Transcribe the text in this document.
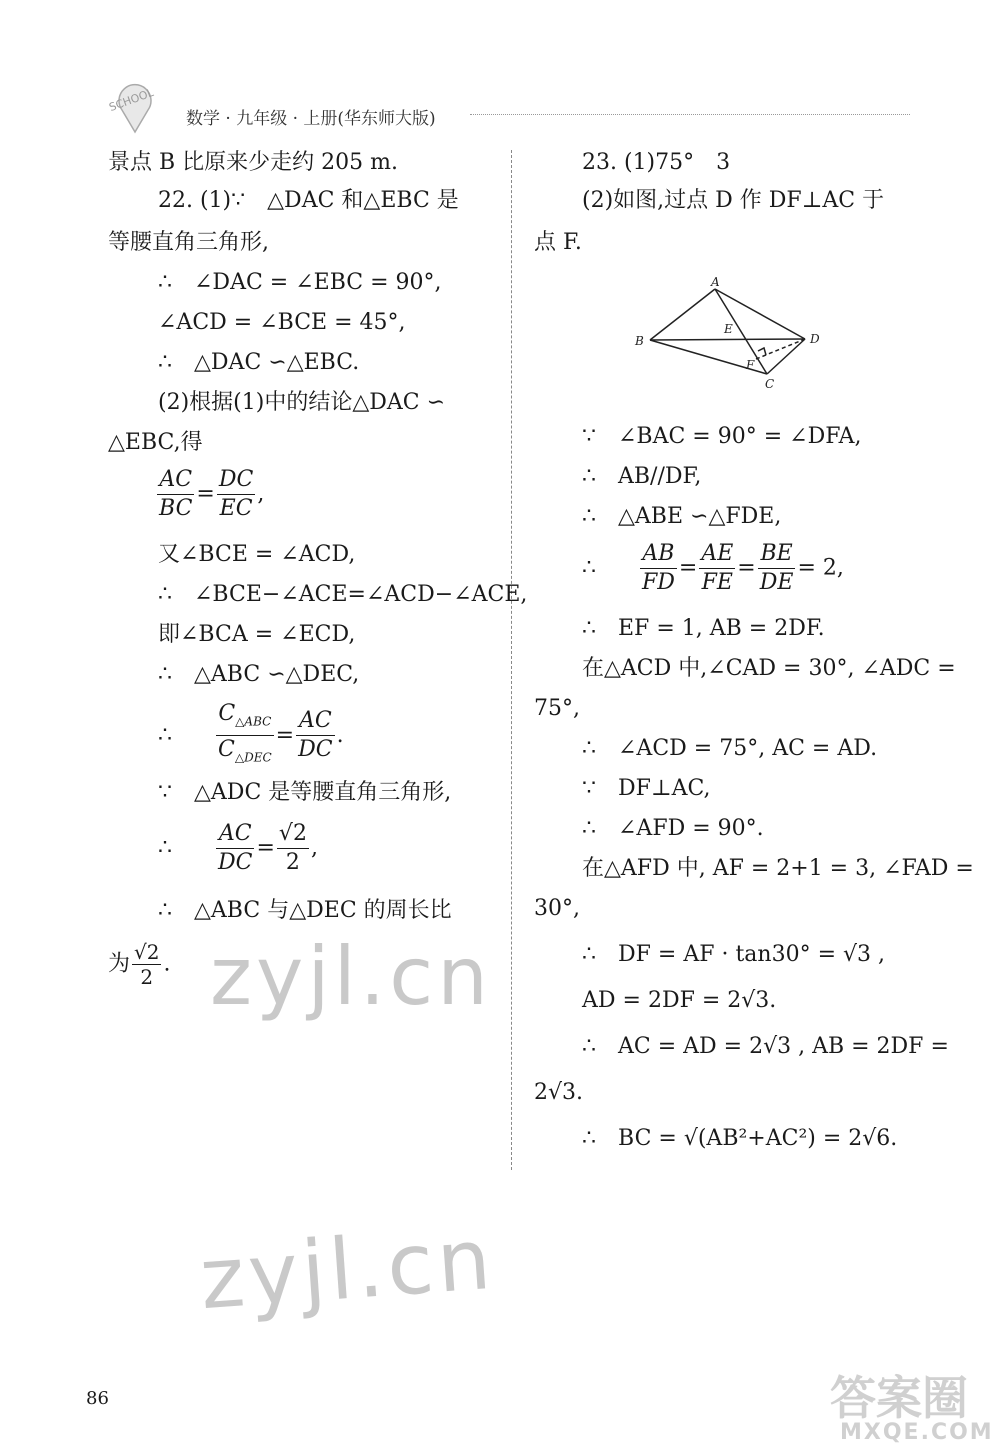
SCHOOL
数学 · 九年级 · 上册(华东师大版)
景点 B 比原来少走约 205 m.
22. (1)∵　△DAC 和△EBC 是
等腰直角三角形,
∴　∠DAC = ∠EBC = 90°,
∠ACD = ∠BCE = 45°,
∴　△DAC ∽△EBC.
(2)根据(1)中的结论△DAC ∽
△EBC,得
$\frac{AC}{BC} = \frac{DC}{EC}$ ,
又∠BCE = ∠ACD,
∴　∠BCE−∠ACE=∠ACD−∠ACE,
即∠BCA = ∠ECD,
∴　△ABC ∽△DEC,
∴ $\frac{C_{\triangle ABC}}{C_{\triangle DEC}} = \frac{AC}{DC}$ .
∵　△ADC 是等腰直角三角形,
∴ $\frac{AC}{DC} = \frac{√2}{2}$ ,
∴　△ABC 与△DEC 的周长比
为 $\frac{√2}{2}$ .
23. (1)75°　3
(2)如图,过点 D 作 DF⊥AC 于
点 F.
A
B
C
D
E
F
∵　∠BAC = 90° = ∠DFA,
∴　AB//DF,
∴　△ABE ∽△FDE,
∴ $\frac{AB}{FD} = \frac{AE}{FE} = \frac{BE}{DE} = 2$,
∴　EF = 1, AB = 2DF.
在△ACD 中,∠CAD = 30°, ∠ADC =
75°,
∴　∠ACD = 75°, AC = AD.
∵　DF⊥AC,
∴　∠AFD = 90°.
在△AFD 中, AF = 2+1 = 3, ∠FAD =
30°,
∴　DF = AF · tan30° = √3 ,
AD = 2DF = 2√3.
∴　AC = AD = 2√3 , AB = 2DF =
2√3.
∴　BC = √(AB²+AC²) = 2√6.
zyjl.cn
zyjl.cn
86	答案圈
MXQE.COM
